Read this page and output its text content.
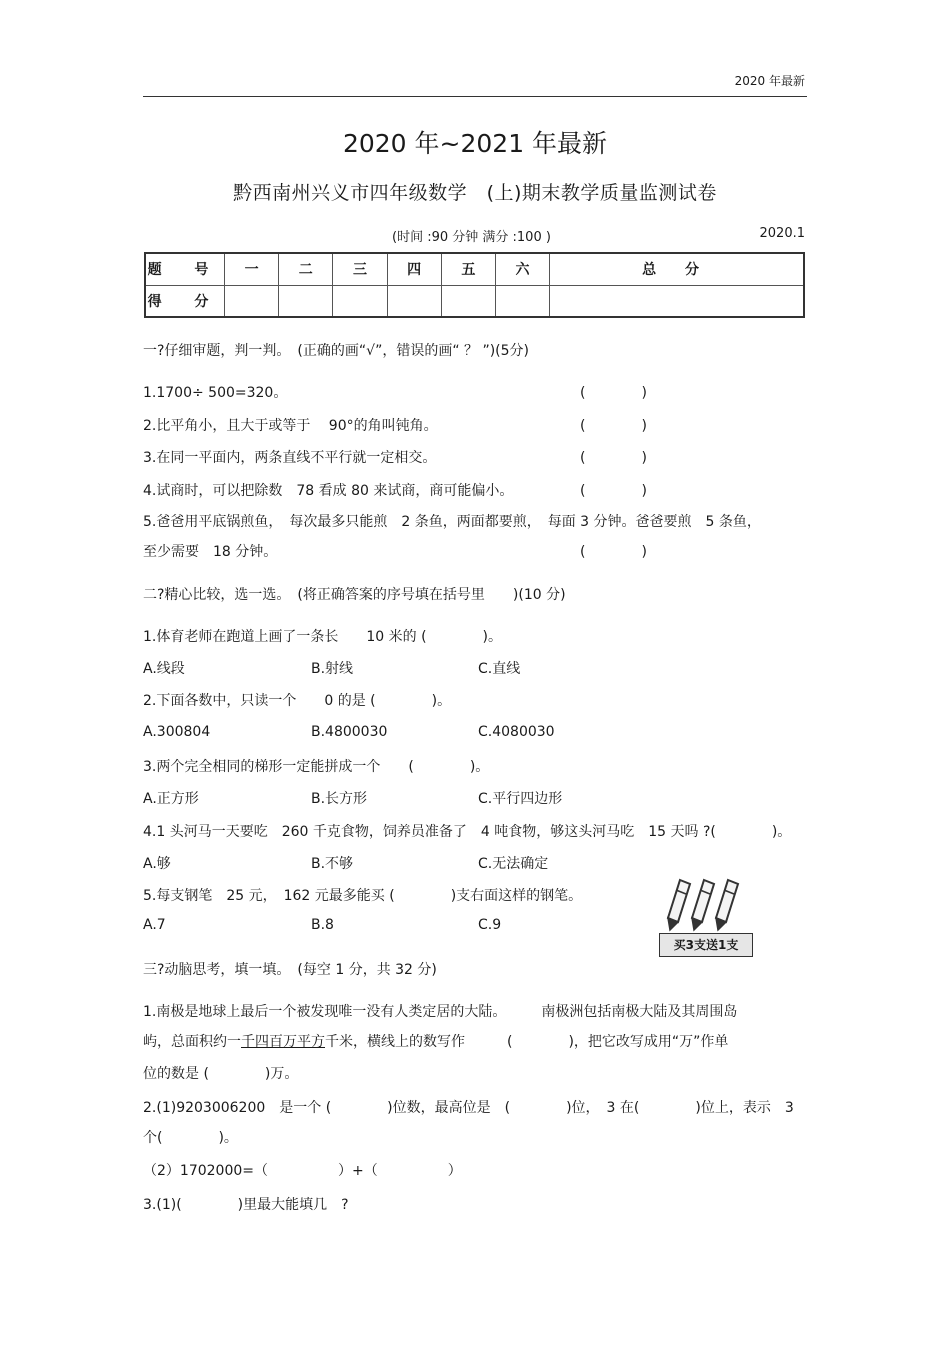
2020 年最新
2020 年~2021 年最新
黔西南州兴义市四年级数学　(上)期末教学质量监测试卷
(时间 :90 分钟 满分 :100 )	2020.1
题 号	一	二	三	四	五	六	总 分
得 分							
一?仔细审题，判一判。　(正确的画“√”，错误的画“ ？ ”)(5分)
1.1700÷ 500=320。	(　　　　)
2.比平角小，且大于或等于　 90°的角叫钝角。	(　　　　)
3.在同一平面内，两条直线不平行就一定相交。	(　　　　)
4.试商时，可以把除数　78 看成 80 来试商，商可能偏小。	(　　　　)
5.爸爸用平底锅煎鱼，　每次最多只能煎　2 条鱼，两面都要煎，　每面 3 分钟。爸爸要煎　5 条鱼，
至少需要　18 分钟。	(　　　　)
二?精心比较，选一选。　(将正确答案的序号填在括号里　　)(10 分)
1.体育老师在跑道上画了一条长　　10 米的 (　　　　)。
A.线段	B.射线	C.直线
2.下面各数中，只读一个　　0 的是 (　　　　)。
A.300804	B.4800030	C.4080030
3.两个完全相同的梯形一定能拼成一个　　(　　　　)。
A.正方形	B.长方形	C.平行四边形
4.1 头河马一天要吃　260 千克食物，饲养员准备了　4 吨食物，够这头河马吃　15 天吗 ?(　　　　)。
A.够	B.不够	C.无法确定
5.每支钢笔　25 元，　162 元最多能买 (　　　　)支右面这样的钢笔。
A.7	B.8	C.9
买3支送1支
三?动脑思考，填一填。　(每空 1 分，共 32 分)
1.南极是地球上最后一个被发现唯一没有人类定居的大陆。　　　南极洲包括南极大陆及其周围岛
屿，总面积约一千四百万平方千米，横线上的数写作　　　(　　　　)，把它改写成用“万”作单
位的数是 (　　　　)万。
2.(1)9203006200　是一个 (　　　　)位数，最高位是　(　　　　)位，　3 在(　　　　)位上，表示　3
个(　　　　)。
（2）1702000=（　　　　　）+（　　　　　）
3.(1)(　　　　)里最大能填几　?
